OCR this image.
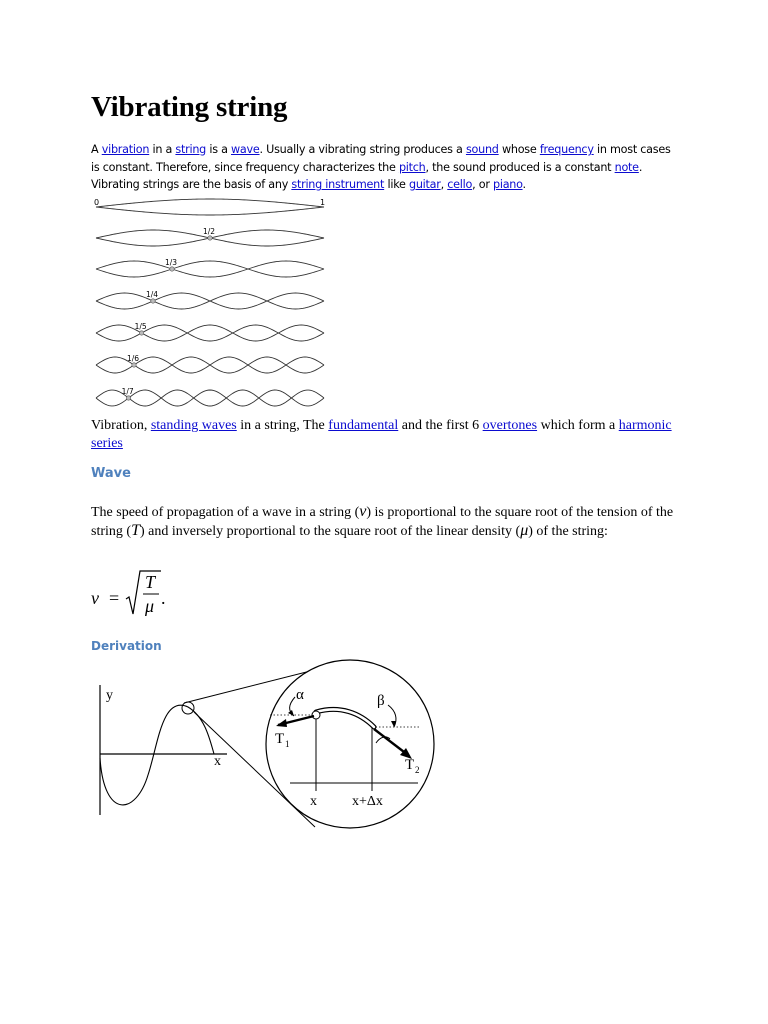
Vibrating string

A vibration in a string is a wave. Usually a vibrating string produces a sound whose frequency in most cases is constant. Therefore, since frequency characterizes the pitch, the sound produced is a constant note. Vibrating strings are the basis of any string instrument like guitar, cello, or piano.

0	1
1/2
1/3
1/4
1/5
1/6
1/7

Vibration, standing waves in a string, The fundamental and the first 6 overtones which form a harmonic series

Wave

The speed of propagation of a wave in a string (v) is proportional to the square root of the tension of the string (T) and inversely proportional to the square root of the linear density (μ) of the string:

v =
T
μ .
Derivation
y
x
α	β
T 1
T 2
x	x+Δx
